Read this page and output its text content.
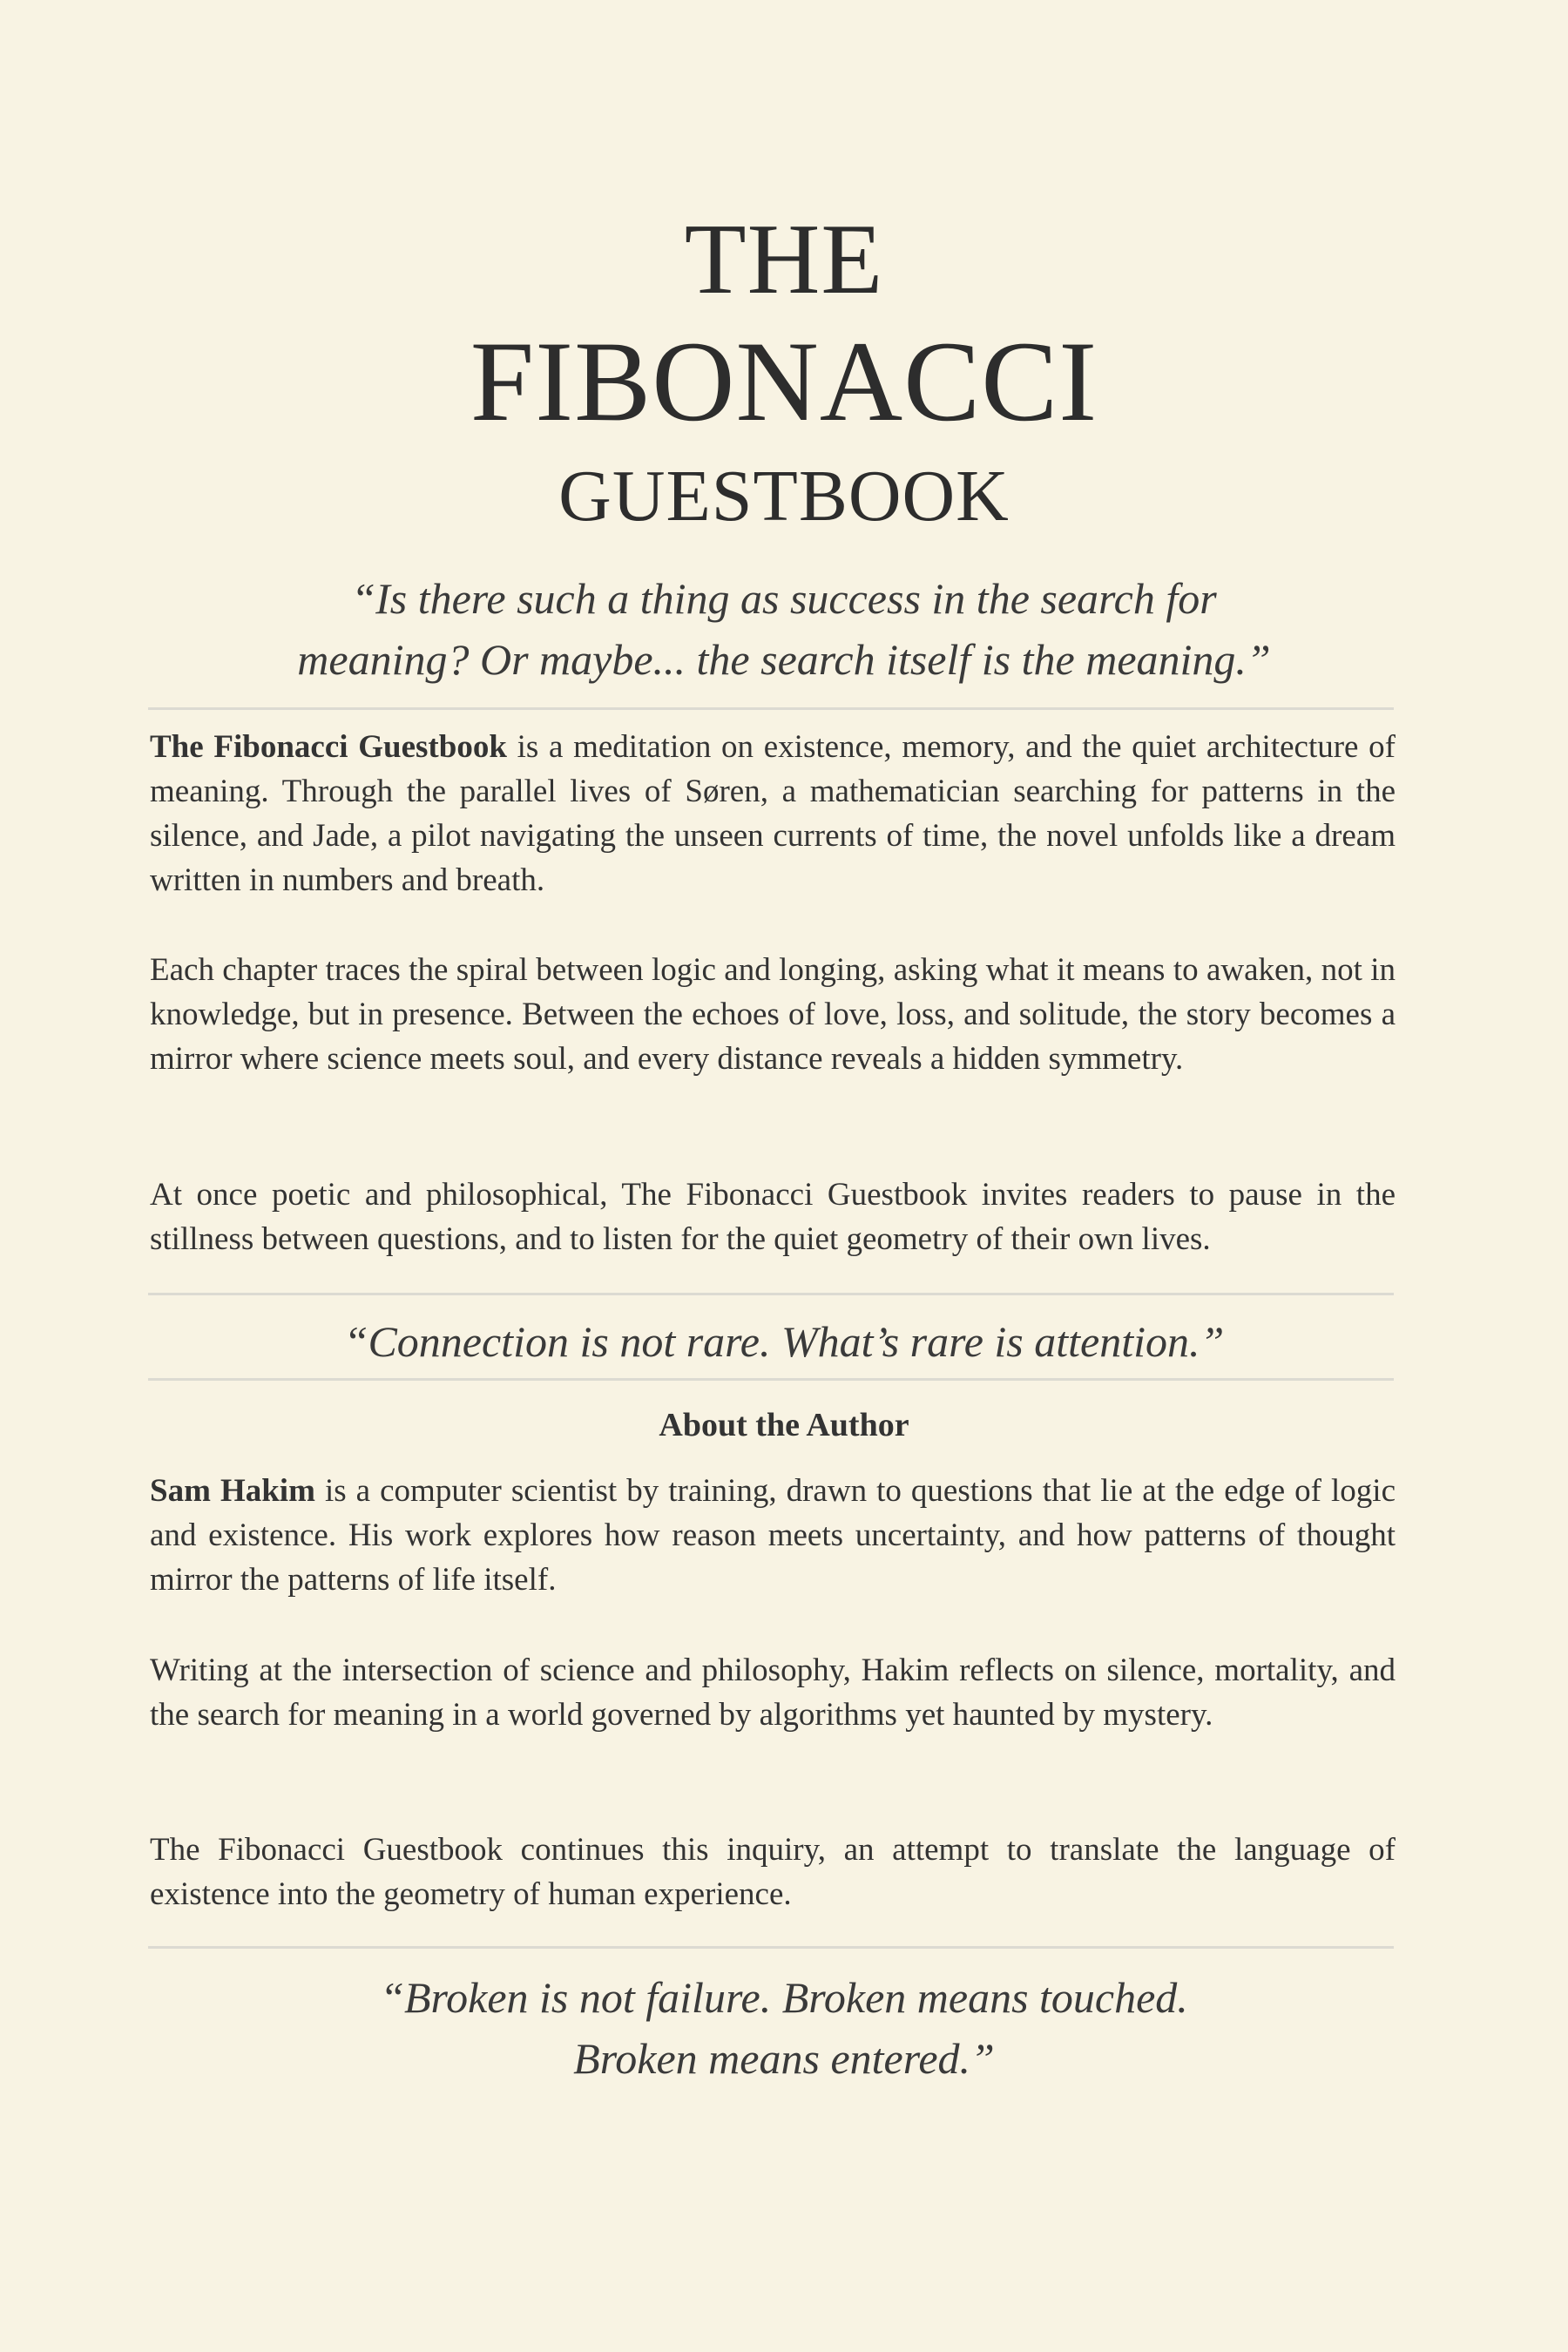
THE
FIBONACCI
GUESTBOOK

“Is there such a thing as success in the search for meaning? Or maybe... the search itself is the meaning.”

The Fibonacci Guestbook is a meditation on existence, memory, and the quiet architecture of meaning. Through the parallel lives of Søren, a mathematician searching for patterns in the silence, and Jade, a pilot navigating the unseen currents of time, the novel unfolds like a dream written in numbers and breath.

Each chapter traces the spiral between logic and longing, asking what it means to awaken, not in knowledge, but in presence. Between the echoes of love, loss, and solitude, the story becomes a mirror where science meets soul, and every distance reveals a hidden symmetry.

At once poetic and philosophical, The Fibonacci Guestbook invites readers to pause in the stillness between questions, and to listen for the quiet geometry of their own lives.

“Connection is not rare. What’s rare is attention.”

About the Author

Sam Hakim is a computer scientist by training, drawn to questions that lie at the edge of logic and existence. His work explores how reason meets uncertainty, and how patterns of thought mirror the patterns of life itself.

Writing at the intersection of science and philosophy, Hakim reflects on silence, mortality, and the search for meaning in a world governed by algorithms yet haunted by mystery.

The Fibonacci Guestbook continues this inquiry, an attempt to translate the language of existence into the geometry of human experience.

“Broken is not failure. Broken means touched. Broken means entered.”
